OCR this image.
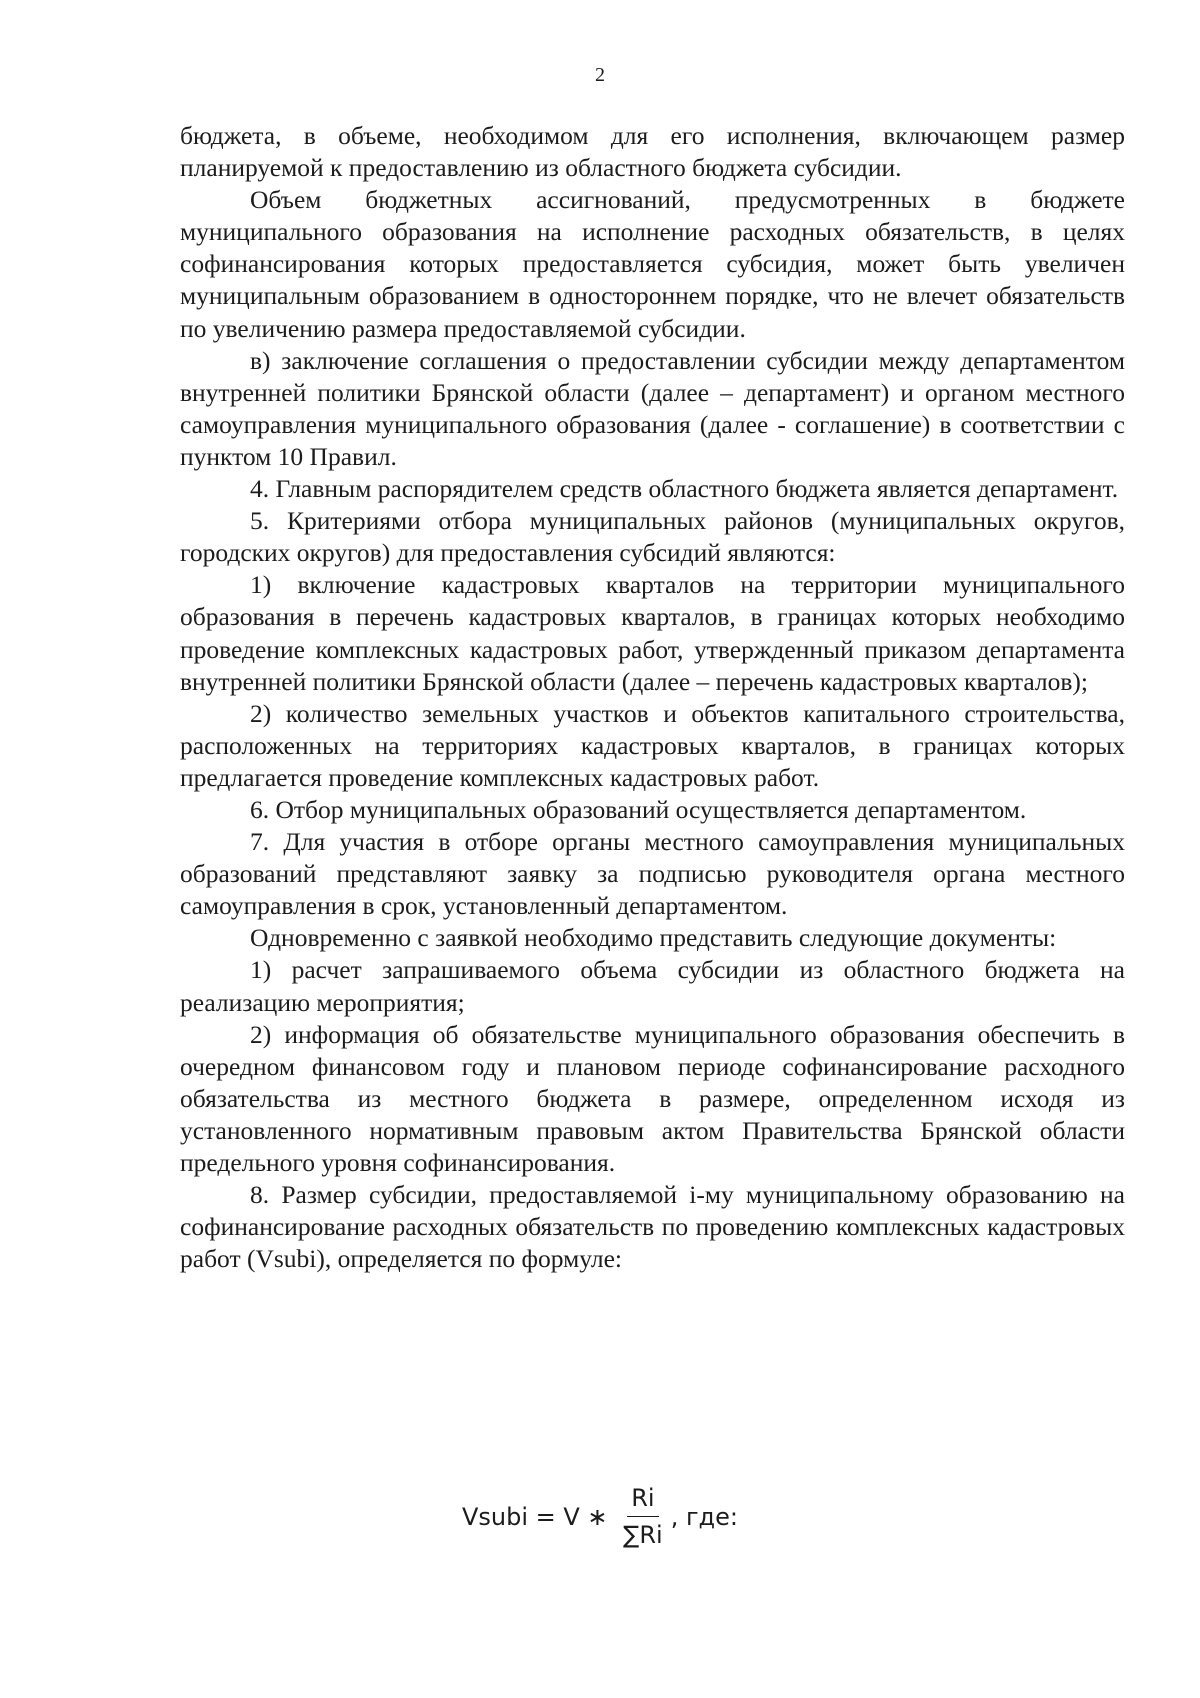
2

бюджета, в объеме, необходимом для его исполнения, включающем размер планируемой к предоставлению из областного бюджета субсидии.

Объем бюджетных ассигнований, предусмотренных в бюджете муниципального образования на исполнение расходных обязательств, в целях софинансирования которых предоставляется субсидия, может быть увеличен муниципальным образованием в одностороннем порядке, что не влечет обязательств по увеличению размера предоставляемой субсидии.

в) заключение соглашения о предоставлении субсидии между департаментом внутренней политики Брянской области (далее – департамент) и органом местного самоуправления муниципального образования (далее - соглашение) в соответствии с пунктом 10 Правил.

4. Главным распорядителем средств областного бюджета является департамент.

5. Критериями отбора муниципальных районов (муниципальных округов, городских округов) для предоставления субсидий являются:

1) включение кадастровых кварталов на территории муниципального образования в перечень кадастровых кварталов, в границах которых необходимо проведение комплексных кадастровых работ, утвержденный приказом департамента внутренней политики Брянской области (далее – перечень кадастровых кварталов);

2) количество земельных участков и объектов капитального строительства, расположенных на территориях кадастровых кварталов, в границах которых предлагается проведение комплексных кадастровых работ.

6. Отбор муниципальных образований осуществляется департаментом.

7. Для участия в отборе органы местного самоуправления муниципальных образований представляют заявку за подписью руководителя органа местного самоуправления в срок, установленный департаментом.

Одновременно с заявкой необходимо представить следующие документы:

1) расчет запрашиваемого объема субсидии из областного бюджета на реализацию мероприятия;

2) информация об обязательстве муниципального образования обеспечить в очередном финансовом году и плановом периоде софинансирование расходного обязательства из местного бюджета в размере, определенном исходя из установленного нормативным правовым актом Правительства Брянской области предельного уровня софинансирования.

8. Размер субсидии, предоставляемой i-му муниципальному образованию на софинансирование расходных обязательств по проведению комплексных кадастровых работ (Vsubi), определяется по формуле:

Vsubi = V ∗ $\frac{Ri}{\sum Ri}$ , где:
